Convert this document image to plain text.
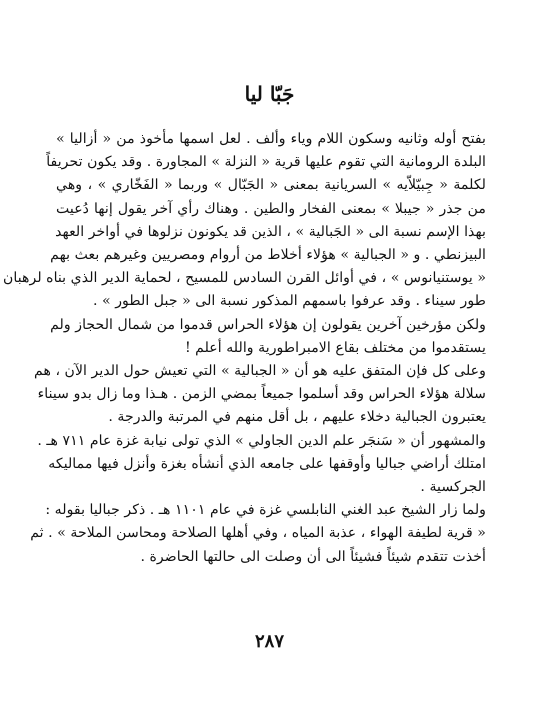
جَبّا ليا
بفتح أوله وثانيه وسكون اللام وياء وألف . لعل اسمها مأخوذ من « أزاليا »
البلدة الرومانية التي تقوم عليها قرية « النزلة » المجاورة . وقد يكون تحريفاً
لكلمة « جِبيّلاّيه » السريانية بمعنى « الجَبّال » وربما « الفَخّاري » ، وهي
من جذر « جيبلا » بمعنى الفخار والطين . وهناك رأي آخر يقول إنها دُعيت
بهذا الإسم نسبة الى « الجَبالية » ، الذين قد يكونون نزلوها في أواخر العهد
البيزنطي . و « الجبالية » هؤلاء أخلاط من أروام ومصريين وغيرهم بعث بهم
« يوستنيانوس » ، في أوائل القرن السادس للمسيح ، لحماية الدير الذي بناه لرهبان
طور سيناء . وقد عرفوا باسمهم المذكور نسبة الى « جبل الطور » .
ولكن مؤرخين آخرين يقولون إن هؤلاء الحراس قدموا من شمال الحجاز ولم
يستقدموا من مختلف بقاع الامبراطورية والله أعلم !
وعلى كل فإن المتفق عليه هو أن « الجبالية » التي تعيش حول الدير الآن ، هم
سلالة هؤلاء الحراس وقد أسلموا جميعاً بمضي الزمن . هـذا وما زال بدو سيناء
يعتبرون الجبالية دخلاء عليهم ، بل أقل منهم في المرتبة والدرجة .
والمشهور أن « سَنجَر علم الدين الجاولي » الذي تولى نيابة غزة عام ٧١١ هـ .
امتلك أراضي جباليا وأوقفها على جامعه الذي أنشأه بغزة وأنزل فيها مماليكه
الجركسية .
ولما زار الشيخ عبد الغني النابلسي غزة في عام ١١٠١ هـ . ذكر جباليا بقوله :
« قرية لطيفة الهواء ، عذبة المياه ، وفي أهلها الصلاحة ومحاسن الملاحة » . ثم
أخذت تتقدم شيئاً فشيئاً الى أن وصلت الى حالتها الحاضرة .
٢٨٧
